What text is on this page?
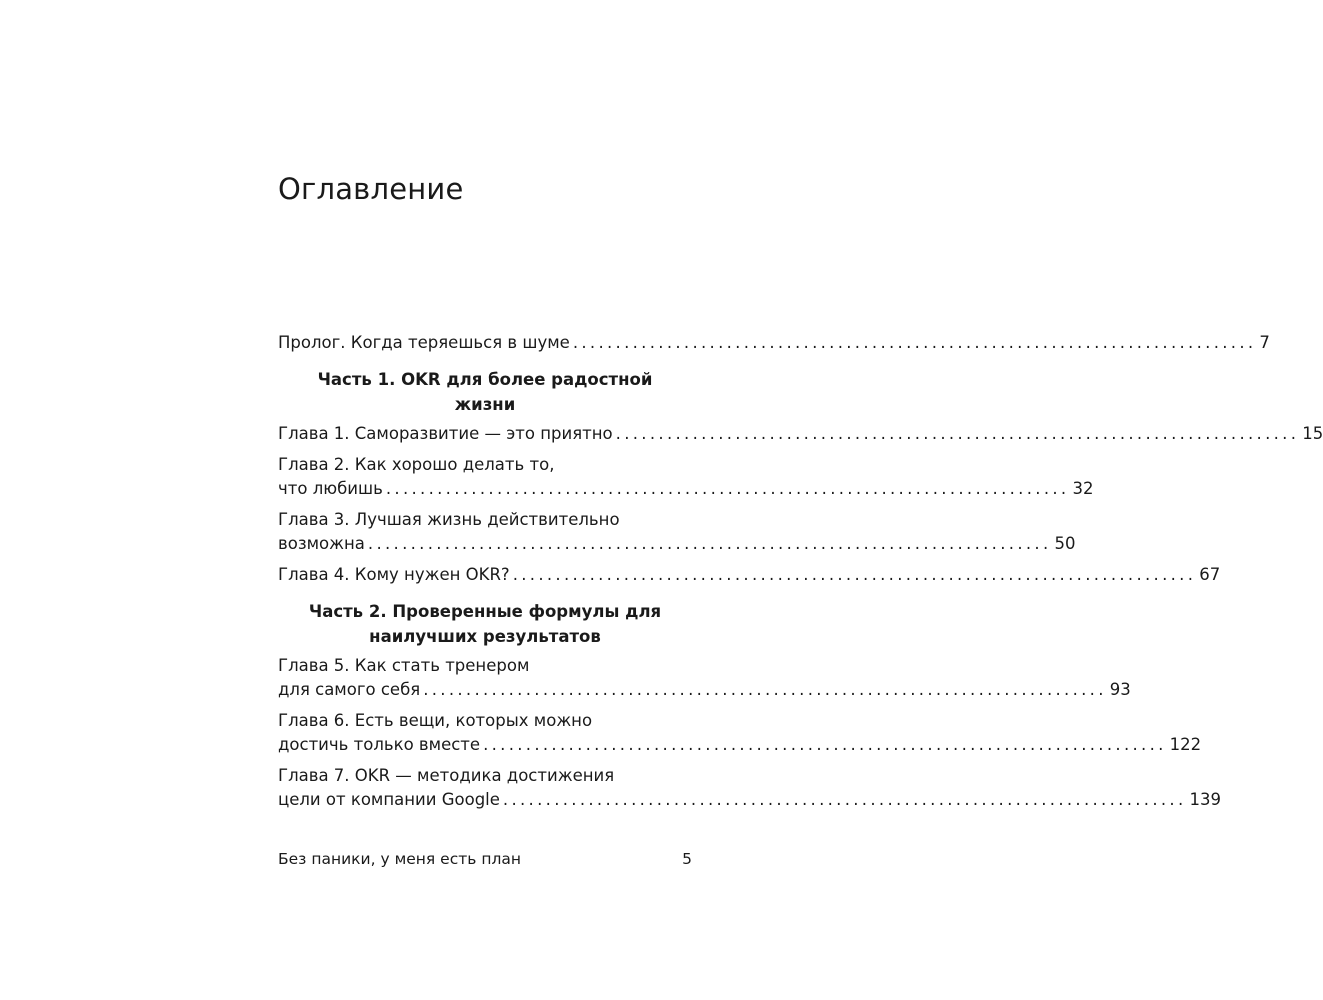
Оглавление
Пролог. Когда теряешься в шуме ................................................................................ 7
Часть 1. OKR для более радостной
жизни
Глава 1. Саморазвитие — это приятно ................................................................................ 15
Глава 2. Как хорошо делать то,
что любишь ................................................................................ 32
Глава 3. Лучшая жизнь действительно
возможна ................................................................................ 50
Глава 4. Кому нужен OKR? ................................................................................ 67
Часть 2. Проверенные формулы для
наилучших результатов
Глава 5. Как стать тренером
для самого себя ................................................................................ 93
Глава 6. Есть вещи, которых можно
достичь только вместе ................................................................................ 122
Глава 7. OKR — методика достижения
цели от компании Google ................................................................................ 139
Без паники, у меня есть план	5
